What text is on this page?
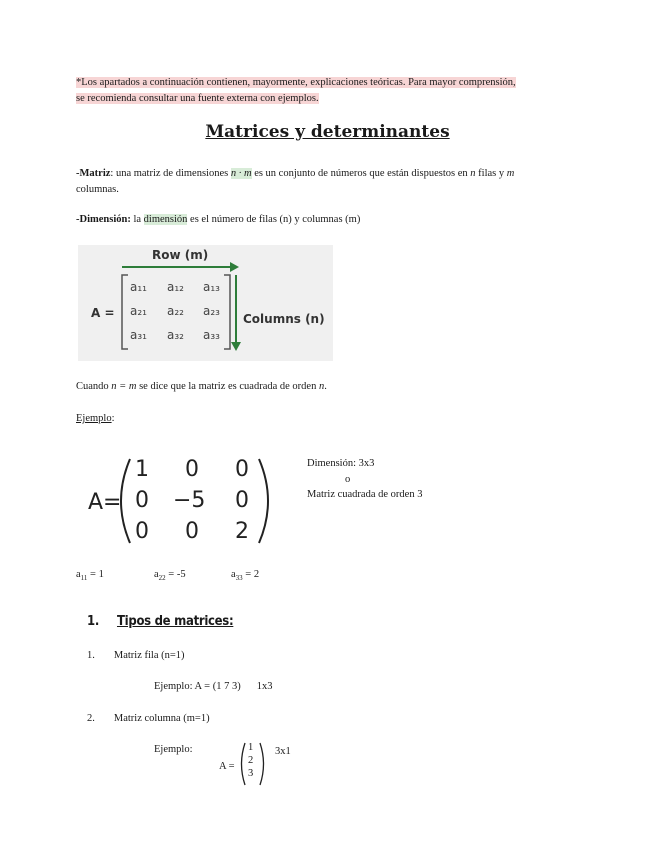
*Los apartados a continuación contienen, mayormente, explicaciones teóricas. Para mayor comprensión,
se recomienda consultar una fuente externa con ejemplos.
Matrices y determinantes
-Matriz: una matriz de dimensiones n · m es un conjunto de números que están dispuestos en n filas y m
columnas.
-Dimensión: la dimensión es el número de filas (n) y columnas (m)
Row (m)
Columns (n)
A =
a₁₁ a₁₂ a₁₃
a₂₁ a₂₂ a₂₃
a₃₁ a₃₂ a₃₃
Cuando n = m se dice que la matriz es cuadrada de orden n.
Ejemplo:
A=
1 0 0
0 −5 0
0 0 2
Dimensión: 3x3
o
Matriz cuadrada de orden 3
$a_{11} = 1$	$a_{22} = -5$	$a_{33} = 2$
1. Tipos de matrices:
1. Matriz fila (n=1)
Ejemplo: A = (1 7 3) 1x3
2. Matriz columna (m=1)
Ejemplo:
A =
1
2
3
3x1
